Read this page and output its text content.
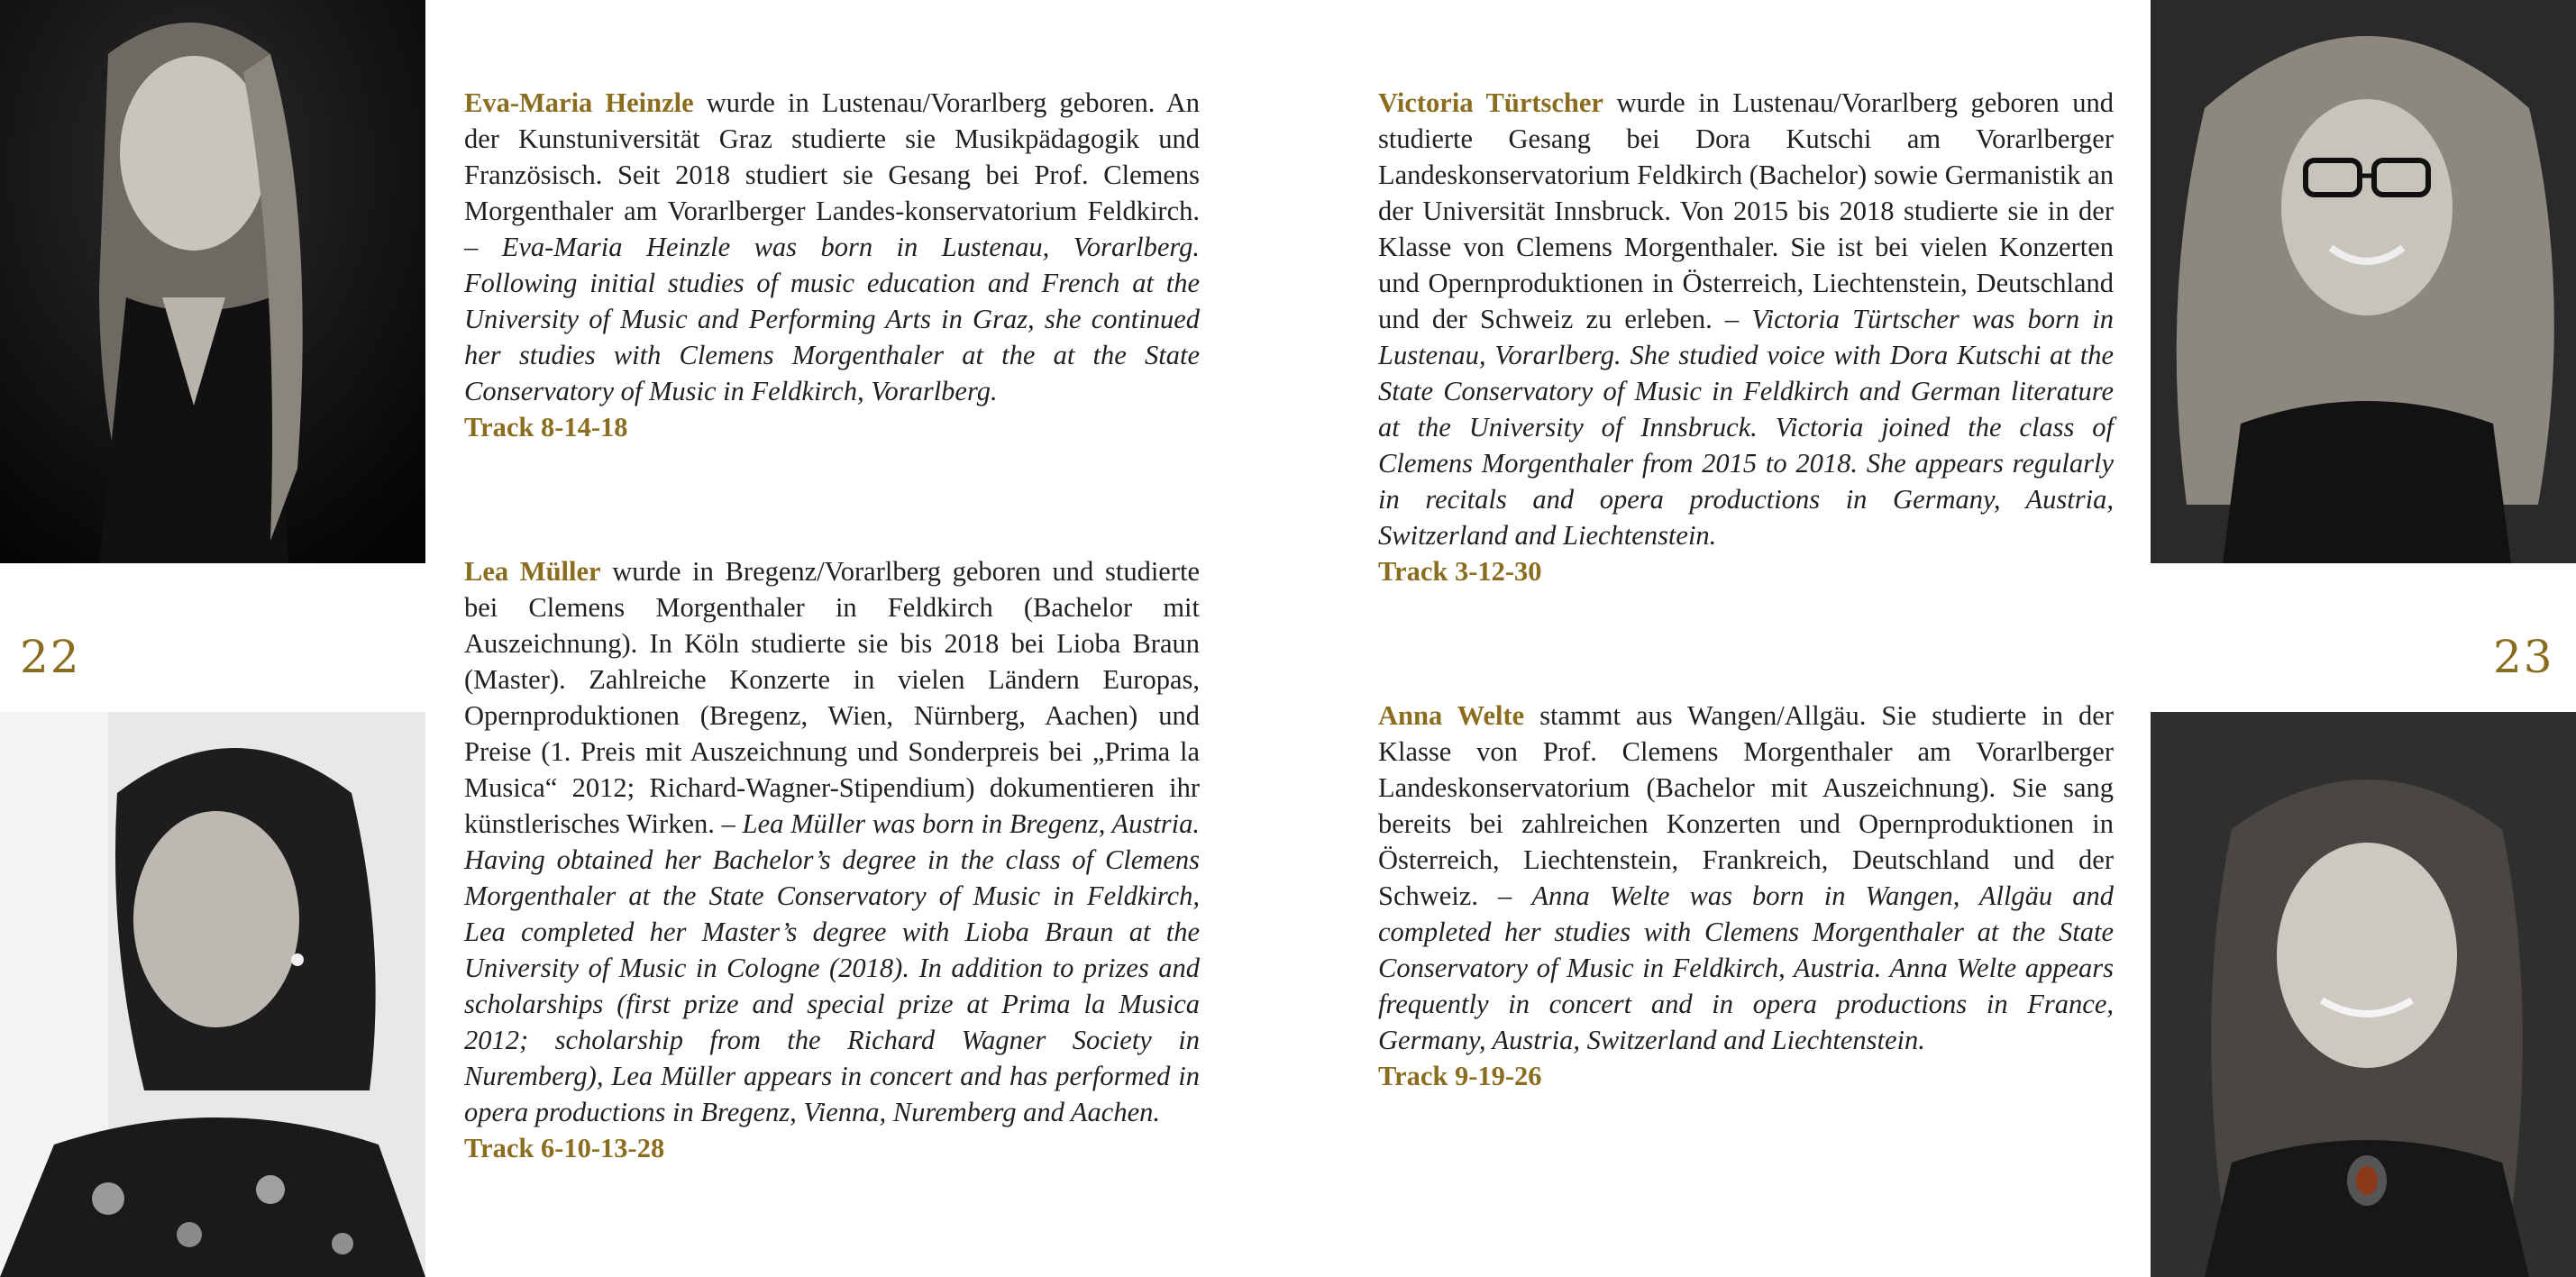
22	23
Eva-Maria Heinzle wurde in Lustenau/Vorarlberg geboren. An der Kunstuniversität Graz studierte sie Musikpädagogik und Französisch. Seit 2018 studiert sie Gesang bei Prof. Clemens Morgenthaler am Vorarlberger Landes-konservatorium Feldkirch. – Eva-Maria Heinzle was born in Lustenau, Vorarlberg. Following initial studies of music education and French at the University of Music and Performing Arts in Graz, she continued her studies with Clemens Morgenthaler at the at the State Conservatory of Music in Feldkirch, Vorarlberg.
Track 8-14-18
Lea Müller wurde in Bregenz/Vorarlberg geboren und studierte bei Clemens Morgenthaler in Feldkirch (Bachelor mit Auszeichnung). In Köln studierte sie bis 2018 bei Lioba Braun (Master). Zahlreiche Konzerte in vielen Ländern Europas, Opernproduktionen (Bregenz, Wien, Nürnberg, Aachen) und Preise (1. Preis mit Auszeichnung und Sonderpreis bei „Prima la Musica“ 2012; Richard-Wagner-Stipendium) dokumentieren ihr künstlerisches Wirken. – Lea Müller was born in Bregenz, Austria. Having obtained her Bachelor’s degree in the class of Clemens Morgenthaler at the State Conservatory of Music in Feldkirch, Lea completed her Master’s degree with Lioba Braun at the University of Music in Cologne (2018). In addition to prizes and scholarships (first prize and special prize at Prima la Musica 2012; scholarship from the Richard Wagner Society in Nuremberg), Lea Müller appears in concert and has performed in opera productions in Bregenz, Vienna, Nuremberg and Aachen.
Track 6-10-13-28
Victoria Türtscher wurde in Lustenau/Vorarlberg geboren und studierte Gesang bei Dora Kutschi am Vorarlberger Landeskonservatorium Feldkirch (Bachelor) sowie Germanistik an der Universität Innsbruck. Von 2015 bis 2018 studierte sie in der Klasse von Clemens Morgenthaler. Sie ist bei vielen Konzerten und Opernproduktionen in Österreich, Liechtenstein, Deutschland und der Schweiz zu erleben. – Victoria Türtscher was born in Lustenau, Vorarlberg. She studied voice with Dora Kutschi at the State Conservatory of Music in Feldkirch and German literature at the University of Innsbruck. Victoria joined the class of Clemens Morgenthaler from 2015 to 2018. She appears regularly in recitals and opera productions in Germany, Austria, Switzerland and Liechtenstein.
Track 3-12-30
Anna Welte stammt aus Wangen/Allgäu. Sie studierte in der Klasse von Prof. Clemens Morgenthaler am Vorarlberger Landeskonservatorium (Bachelor mit Auszeichnung). Sie sang bereits bei zahlreichen Konzerten und Opernproduktionen in Österreich, Liechtenstein, Frankreich, Deutschland und der Schweiz. – Anna Welte was born in Wangen, Allgäu and completed her studies with Clemens Morgenthaler at the State Conservatory of Music in Feldkirch, Austria. Anna Welte appears frequently in concert and in opera productions in France, Germany, Austria, Switzerland and Liechtenstein.
Track 9-19-26
